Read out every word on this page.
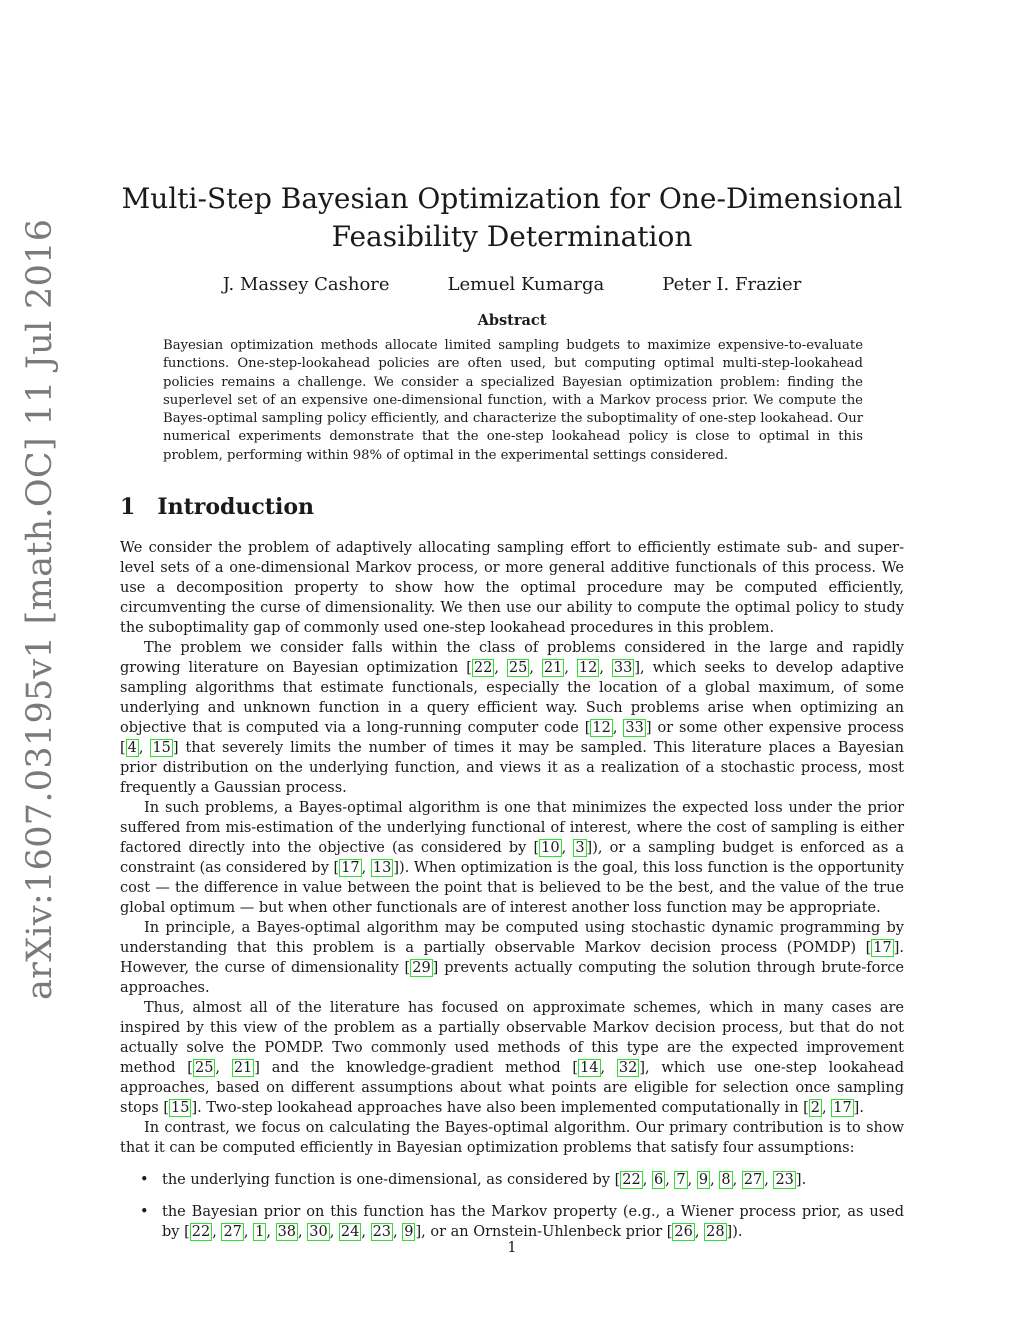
arXiv:1607.03195v1 [math.OC] 11 Jul 2016
Multi-Step Bayesian Optimization for One-Dimensional Feasibility Determination
J. Massey Cashore	Lemuel Kumarga	Peter I. Frazier
Abstract

Bayesian optimization methods allocate limited sampling budgets to maximize expensive-to-evaluate functions. One-step-lookahead policies are often used, but computing optimal multi-step-lookahead policies remains a challenge. We consider a specialized Bayesian optimization problem: finding the superlevel set of an expensive one-dimensional function, with a Markov process prior. We compute the Bayes-optimal sampling policy efficiently, and characterize the suboptimality of one-step lookahead. Our numerical experiments demonstrate that the one-step lookahead policy is close to optimal in this problem, performing within 98% of optimal in the experimental settings considered.

1 Introduction

We consider the problem of adaptively allocating sampling effort to efficiently estimate sub- and super-level sets of a one-dimensional Markov process, or more general additive functionals of this process. We use a decomposition property to show how the optimal procedure may be computed efficiently, circumventing the curse of dimensionality. We then use our ability to compute the optimal policy to study the suboptimality gap of commonly used one-step lookahead procedures in this problem.

The problem we consider falls within the class of problems considered in the large and rapidly growing literature on Bayesian optimization [ 22 , 25 , 21 , 12 , 33 ], which seeks to develop adaptive sampling algorithms that estimate functionals, especially the location of a global maximum, of some underlying and unknown function in a query efficient way. Such problems arise when optimizing an objective that is computed via a long-running computer code [ 12 , 33 ] or some other expensive process [ 4 , 15 ] that severely limits the number of times it may be sampled. This literature places a Bayesian prior distribution on the underlying function, and views it as a realization of a stochastic process, most frequently a Gaussian process.

In such problems, a Bayes-optimal algorithm is one that minimizes the expected loss under the prior suffered from mis-estimation of the underlying functional of interest, where the cost of sampling is either factored directly into the objective (as considered by [ 10 , 3 ]), or a sampling budget is enforced as a constraint (as considered by [ 17 , 13 ]). When optimization is the goal, this loss function is the opportunity cost — the difference in value between the point that is believed to be the best, and the value of the true global optimum — but when other functionals are of interest another loss function may be appropriate.

In principle, a Bayes-optimal algorithm may be computed using stochastic dynamic programming by understanding that this problem is a partially observable Markov decision process (POMDP) [ 17 ]. However, the curse of dimensionality [ 29 ] prevents actually computing the solution through brute-force approaches.

Thus, almost all of the literature has focused on approximate schemes, which in many cases are inspired by this view of the problem as a partially observable Markov decision process, but that do not actually solve the POMDP. Two commonly used methods of this type are the expected improvement method [ 25 , 21 ] and the knowledge-gradient method [ 14 , 32 ], which use one-step lookahead approaches, based on different assumptions about what points are eligible for selection once sampling stops [ 15 ]. Two-step lookahead approaches have also been implemented computationally in [ 2 , 17 ].

In contrast, we focus on calculating the Bayes-optimal algorithm. Our primary contribution is to show that it can be computed efficiently in Bayesian optimization problems that satisfy four assumptions:

• the underlying function is one-dimensional, as considered by [ 22 , 6 , 7 , 9 , 8 , 27 , 23 ].
• the Bayesian prior on this function has the Markov property (e.g., a Wiener process prior, as used by [ 22 , 27 , 1 , 38 , 30 , 24 , 23 , 9 ], or an Ornstein-Uhlenbeck prior [ 26 , 28 ]).
1
